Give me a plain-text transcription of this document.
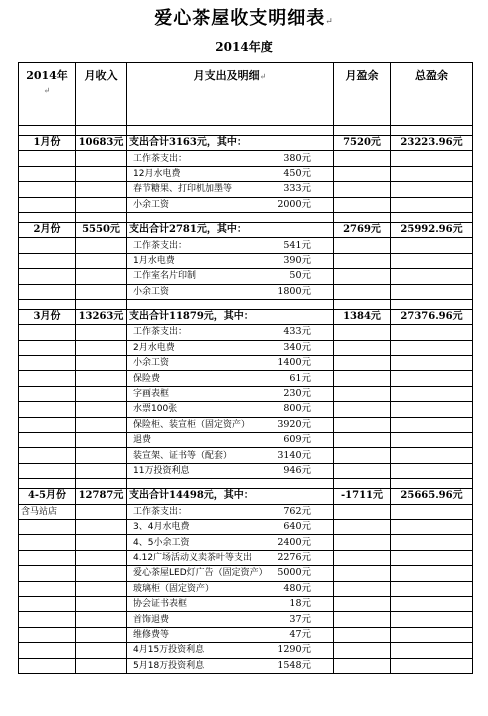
爱心茶屋收支明细表↵
2014年度
2014年
↵	月收入	月支出及明细↵	月盈余	总盈余

1月份	10683元	支出合计3163元，其中：	7520元	23223.96元
		工作茶支出： 380元		
		12月水电费 450元		
		春节糖果、打印机加墨等 333元		
		小余工资 2000元		

2月份	5550元	支出合计2781元，其中：	2769元	25992.96元
		工作茶支出： 541元		
		1月水电费 390元		
		工作室名片印制 50元		
		小余工资 1800元		

3月份	13263元	支出合计11879元，其中：	1384元	27376.96元
		工作茶支出： 433元		
		2月水电费 340元		
		小余工资 1400元		
		保险费 61元		
		字画表框 230元		
		水票100张 800元		
		保险柜、装宣柜（固定资产） 3920元		
		退费 609元		
		装宣架、证书等（配套） 3140元		
		11万投资利息 946元		

4-5月份	12787元	支出合计14498元，其中：	-1711元	25665.96元
含马站店		工作茶支出： 762元		
		3、4月水电费 640元		
		4、5小余工资 2400元		
		4.12广场活动义卖茶叶等支出 2276元		
		爱心茶屋LED灯广告（固定资产） 5000元		
		玻璃柜（固定资产） 480元		
		协会证书表框 18元		
		首饰退费 37元		
		维修费等 47元		
		4月15万投资利息 1290元		
		5月18万投资利息 1548元		
